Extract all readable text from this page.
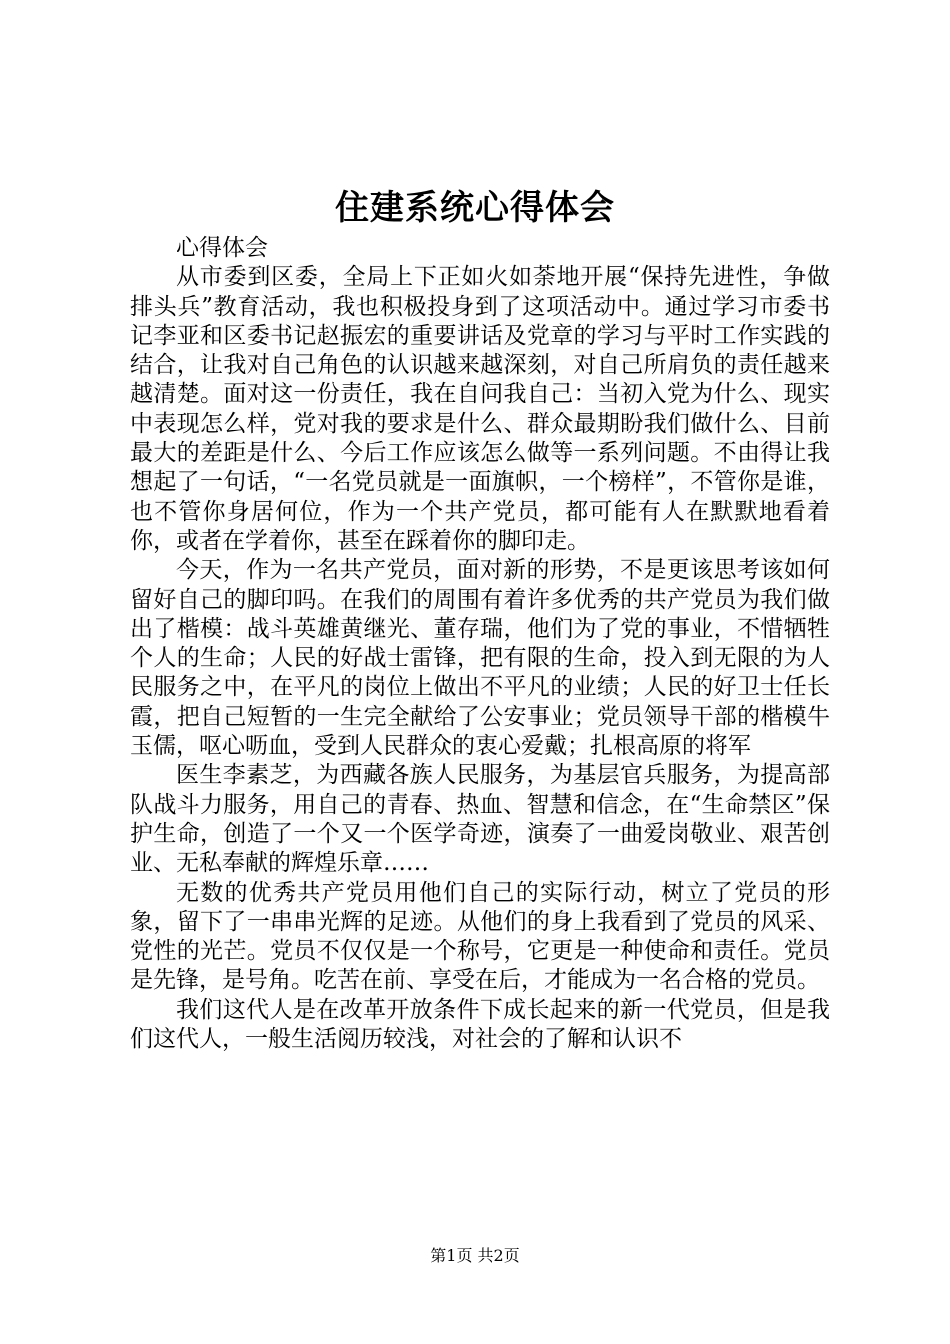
住建系统心得体会

心得体会

从市委到区委，全局上下正如火如荼地开展“保持先进性，争做排头兵”教育活动，我也积极投身到了这项活动中。通过学习市委书记李亚和区委书记赵振宏的重要讲话及党章的学习与平时工作实践的结合，让我对自己角色的认识越来越深刻，对自己所肩负的责任越来越清楚。面对这一份责任，我在自问我自己：当初入党为什么、现实中表现怎么样，党对我的要求是什么、群众最期盼我们做什么、目前最大的差距是什么、今后工作应该怎么做等一系列问题。不由得让我想起了一句话，“一名党员就是一面旗帜，一个榜样”，不管你是谁，也不管你身居何位，作为一个共产党员，都可能有人在默默地看着你，或者在学着你，甚至在踩着你的脚印走。

今天，作为一名共产党员，面对新的形势，不是更该思考该如何留好自己的脚印吗。在我们的周围有着许多优秀的共产党员为我们做出了楷模：战斗英雄黄继光、董存瑞，他们为了党的事业，不惜牺牲个人的生命；人民的好战士雷锋，把有限的生命，投入到无限的为人民服务之中，在平凡的岗位上做出不平凡的业绩；人民的好卫士任长霞，把自己短暂的一生完全献给了公安事业；党员领导干部的楷模牛玉儒，呕心呖血，受到人民群众的衷心爱戴；扎根高原的将军

医生李素芝，为西藏各族人民服务，为基层官兵服务，为提高部队战斗力服务，用自己的青春、热血、智慧和信念，在“生命禁区”保护生命，创造了一个又一个医学奇迹，演奏了一曲爱岗敬业、艰苦创业、无私奉献的辉煌乐章……

无数的优秀共产党员用他们自己的实际行动，树立了党员的形象，留下了一串串光辉的足迹。从他们的身上我看到了党员的风采、党性的光芒。党员不仅仅是一个称号，它更是一种使命和责任。党员是先锋，是号角。吃苦在前、享受在后，才能成为一名合格的党员。

我们这代人是在改革开放条件下成长起来的新一代党员，但是我们这代人，一般生活阅历较浅，对社会的了解和认识不

第1页 共2页
